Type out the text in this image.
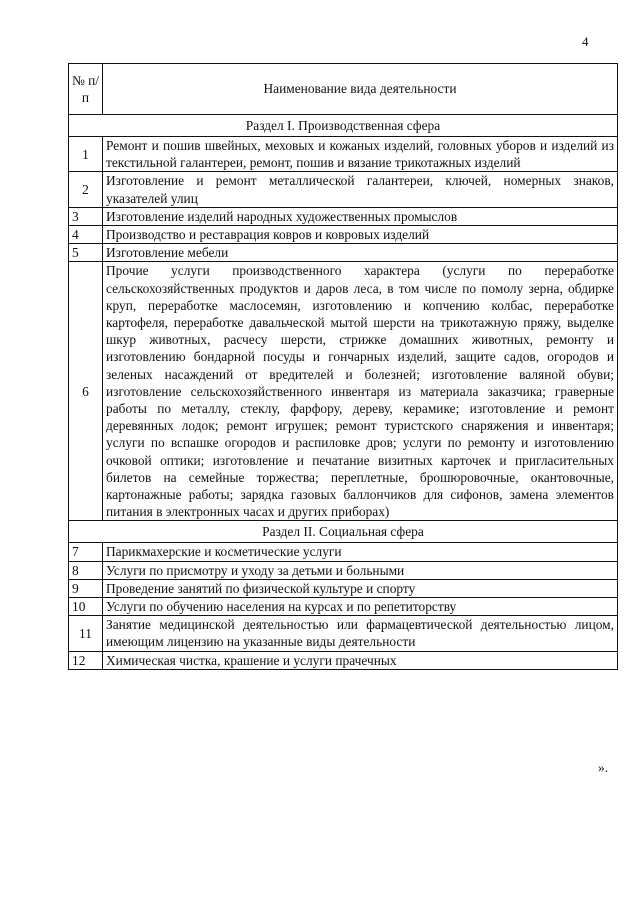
4
№ п/п	Наименование вида деятельности
Раздел I. Производственная сфера	
1	Ремонт и пошив швейных, меховых и кожаных изделий, головных уборов и изделий из текстильной галантереи, ремонт, пошив и вязание трикотажных изделий
2	Изготовление и ремонт металлической галантереи, ключей, номерных знаков, указателей улиц
3	Изготовление изделий народных художественных промыслов
4	Производство и реставрация ковров и ковровых изделий
5	Изготовление мебели
6	Прочие услуги производственного характера (услуги по переработке сельскохозяйственных продуктов и даров леса, в том числе по помолу зерна, обдирке круп, переработке маслосемян, изготовлению и копчению колбас, переработке картофеля, переработке давальческой мытой шерсти на трикотажную пряжу, выделке шкур животных, расчесу шерсти, стрижке домашних животных, ремонту и изготовлению бондарной посуды и гончарных изделий, защите садов, огородов и зеленых насаждений от вредителей и болезней; изготовление валяной обуви; изготовление сельскохозяйственного инвентаря из материала заказчика; граверные работы по металлу, стеклу, фарфору, дереву, керамике; изготовление и ремонт деревянных лодок; ремонт игрушек; ремонт туристского снаряжения и инвентаря; услуги по вспашке огородов и распиловке дров; услуги по ремонту и изготовлению очковой оптики; изготовление и печатание визитных карточек и пригласительных билетов на семейные торжества; переплетные, брошюровочные, окантовочные, картонажные работы; зарядка газовых баллончиков для сифонов, замена элементов питания в электронных часах и других приборах)
Раздел II. Социальная сфера	
7	Парикмахерские и косметические услуги
8	Услуги по присмотру и уходу за детьми и больными
9	Проведение занятий по физической культуре и спорту
10	Услуги по обучению населения на курсах и по репетиторству
11	Занятие медицинской деятельностью или фармацевтической деятельностью лицом, имеющим лицензию на указанные виды деятельности
12	Химическая чистка, крашение и услуги прачечных
».
